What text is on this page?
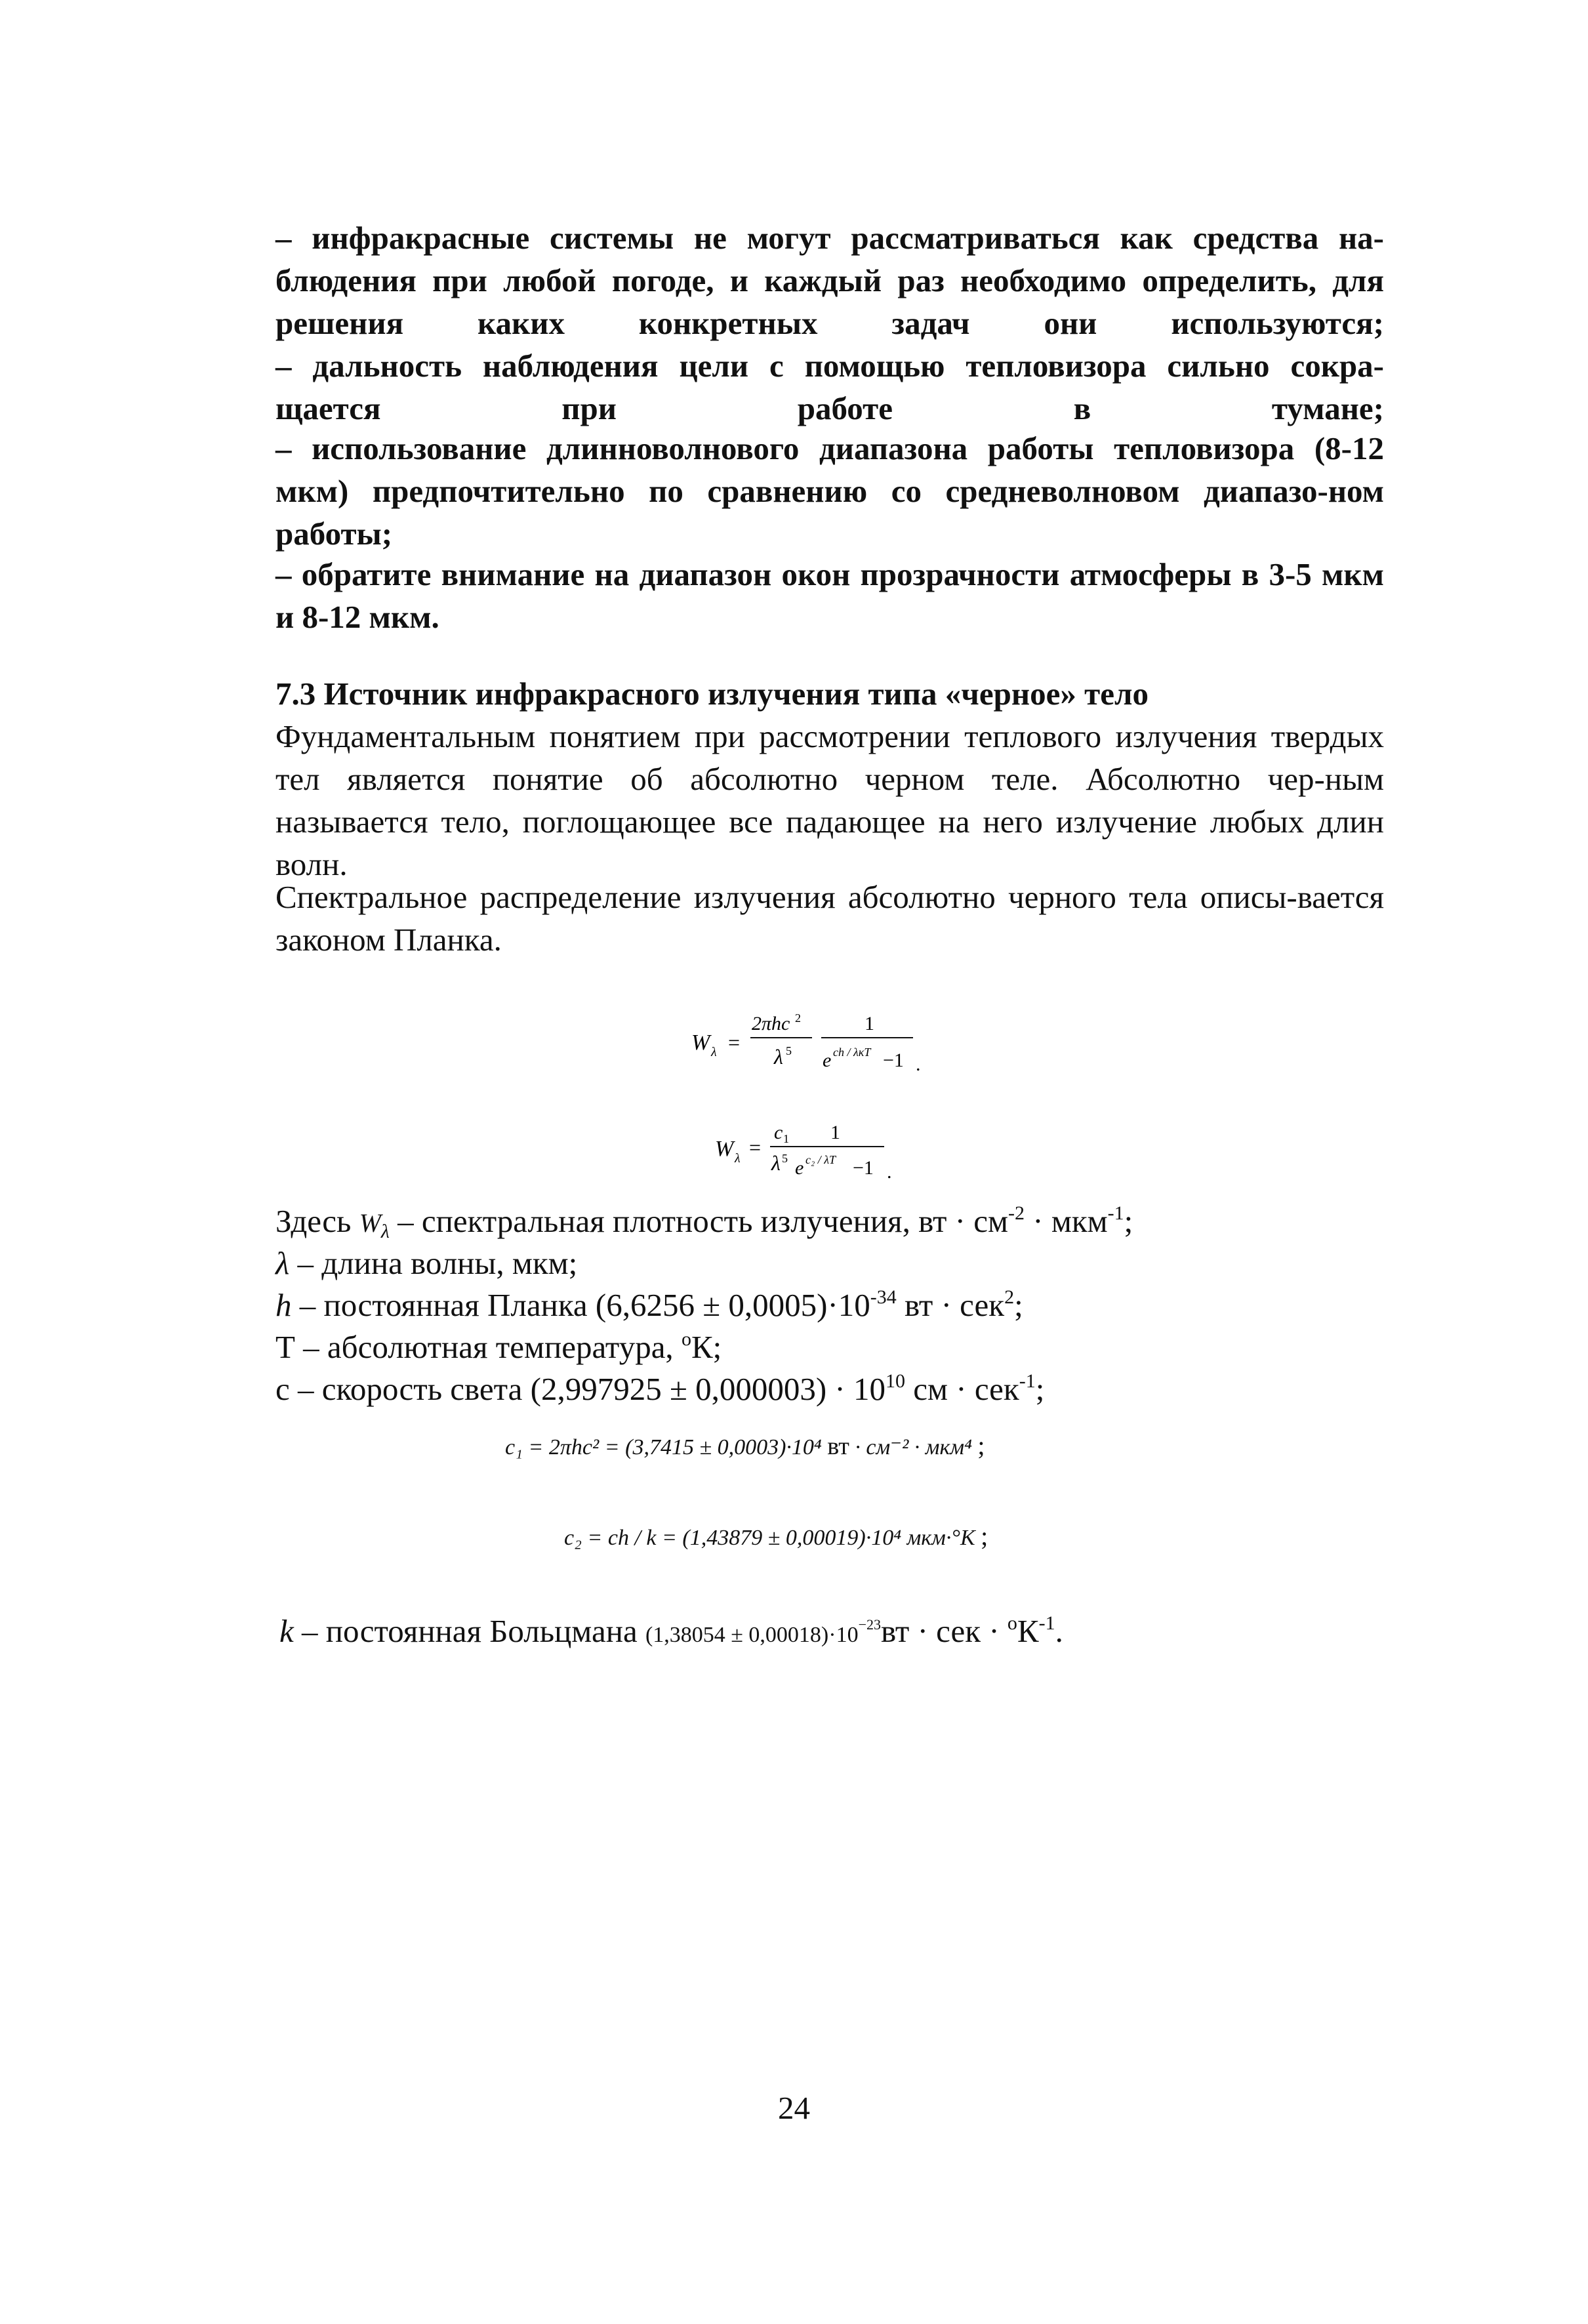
– инфракрасные системы не могут рассматриваться как средства на-блюдения при любой погоде, и каждый раз необходимо определить, для решения каких конкретных задач они используются;

– дальность наблюдения цели с помощью тепловизора сильно сокра-щается при работе в тумане;

– использование длинноволнового диапазона работы тепловизора (8-12 мкм) предпочтительно по сравнению со средневолновом диапазо-ном работы;

– обратите внимание на диапазон окон прозрачности атмосферы в 3-5 мкм и 8-12 мкм.

7.3 Источник инфракрасного излучения типа «черное» тело

Фундаментальным понятием при рассмотрении теплового излучения твердых тел является понятие об абсолютно черном теле. Абсолютно чер-ным называется тело, поглощающее все падающее на него излучение любых длин волн.

Спектральное распределение излучения абсолютно черного тела описы-вается законом Планка.

W λ =
2πhc 2
λ 5
1
e ch / λκT −1 .
W λ =
c 1
λ 5
1
e c₂ / λT −1 .

Здесь $W_\lambda$ – спектральная плотность излучения, вт · $см^{-2} \cdot мкм^{-1}$;

λ – длина волны, мкм;

h – постоянная Планка $(6,6256 \pm 0,0005)\cdot 10^{-34}$ вт · сек$^2$;

Т – абсолютная температура, $^о$К;

с – скорость света $(2,997925 \pm 0,000003) \cdot 10^{10}$ см · сек$^{-1}$;

c₁ = 2πhc² = (3,7415 ± 0,0003)·10⁴ вт · см⁻² · мкм⁴ ;
c₂ = ch / k = (1,43879 ± 0,00019)·10⁴ мкм·°K ;

k – постоянная Больцмана $(1,38054 \pm 0,00018)\cdot 10^{-23}вт$ · сек · $^оК^{-1}$.

24
